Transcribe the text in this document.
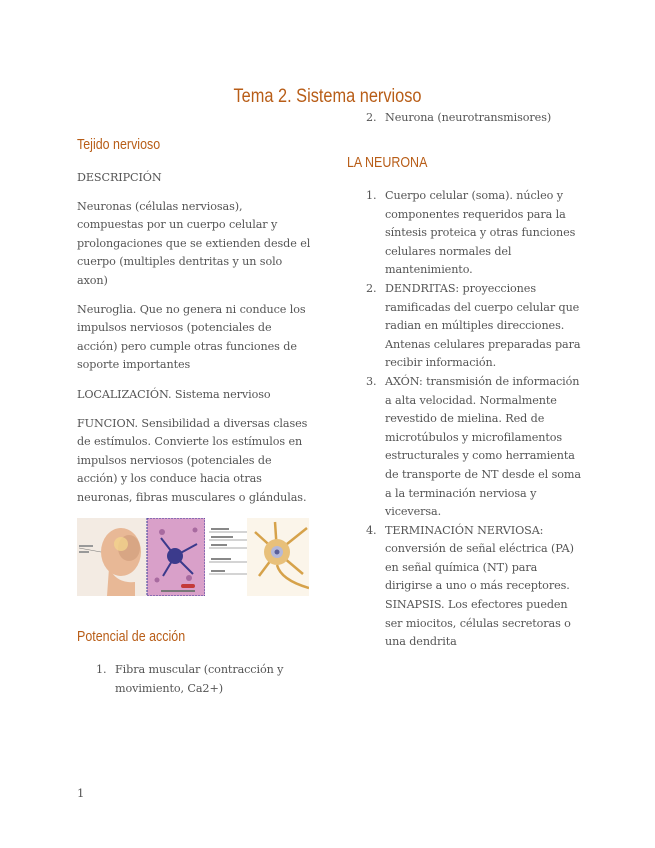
Tema 2. Sistema nervioso
Tejido nervioso

DESCRIPCIÓN

Neuronas (células nerviosas), compuestas por un cuerpo celular y prolongaciones que se extienden desde el cuerpo (multiples dentritas y un solo axon)

Neuroglia. Que no genera ni conduce los impulsos nerviosos (potenciales de acción) pero cumple otras funciones de soporte importantes

LOCALIZACIÓN. Sistema nervioso

FUNCION. Sensibilidad a diversas clases de estímulos. Convierte los estímulos en impulsos nerviosos (potenciales de acción) y los conduce hacia otras neuronas, fibras musculares o glándulas.

Potencial de acción
1. Fibra muscular (contracción y movimiento, Ca2+)
2. Neurona (neurotransmisores)
LA NEURONA
1. Cuerpo celular (soma). núcleo y componentes requeridos para la síntesis proteica y otras funciones celulares normales del mantenimiento.
2. DENDRITAS: proyecciones ramificadas del cuerpo celular que radian en múltiples direcciones. Antenas celulares preparadas para recibir información.
3. AXÓN: transmisión de información a alta velocidad. Normalmente revestido de mielina. Red de microtúbulos y microfilamentos estructurales y como herramienta de transporte de NT desde el soma a la terminación nerviosa y viceversa.
4. TERMINACIÓN NERVIOSA: conversión de señal eléctrica (PA) en señal química (NT) para dirigirse a uno o más receptores. SINAPSIS. Los efectores pueden ser miocitos, células secretoras o una dendrita
1
